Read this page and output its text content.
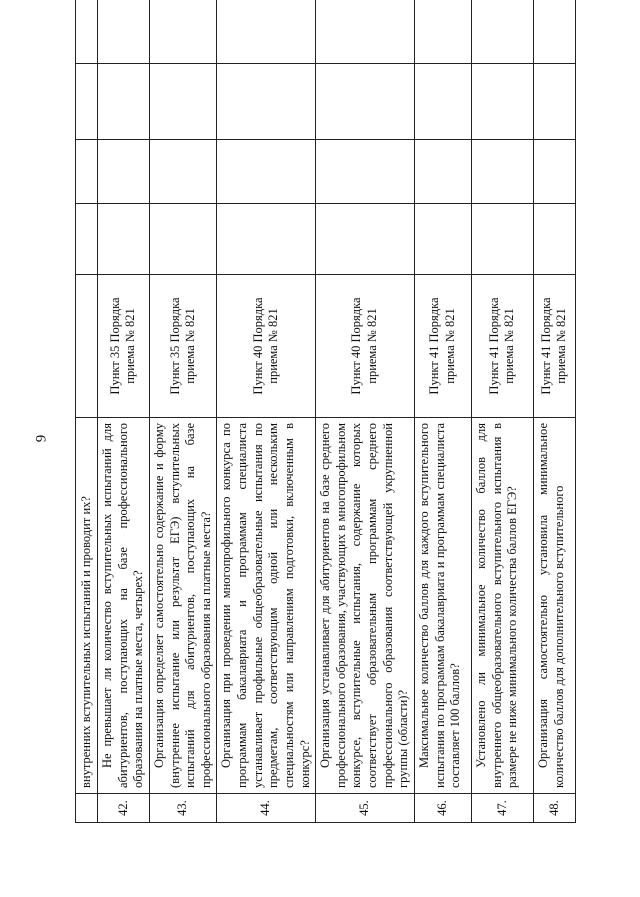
9
	внутренних вступительных испытаний и проводит их?					
42.	Не превышает ли количество вступительных испытаний для абитуриентов, поступающих на базе профессионального образования на платные места, четырех?	Пункт 35 Порядка приема № 821				
43.	Организация определяет самостоятельно содержание и форму (внутреннее испытание или результат ЕГЭ) вступительных испытаний для абитуриентов, поступающих на базе профессионального образования на платные места?	Пункт 35 Порядка приема № 821				
44.	Организация при проведении многопрофильного конкурса по программам бакалавриата и программам специалиста устанавливает профильные общеобразовательные испытания по предметам, соответствующим одной или нескольким специальностям или направлениям подготовки, включенным в конкурс?	Пункт 40 Порядка приема № 821				
45.	Организация устанавливает для абитуриентов на базе среднего профессионального образования, участвующих в многопрофильном конкурсе, вступительные испытания, содержание которых соответствует образовательным программам среднего профессионального образования соответствующей укрупненной группы (области)?	Пункт 40 Порядка приема № 821				
46.	Максимальное количество баллов для каждого вступительного испытания по программам бакалавриата и программам специалиста составляет 100 баллов?	Пункт 41 Порядка приема № 821				
47.	Установлено ли минимальное количество баллов для внутреннего общеобразовательного вступительного испытания в размере не ниже минимального количества баллов ЕГЭ?	Пункт 41 Порядка приема № 821				
48.	Организация самостоятельно установила минимальное количество баллов для дополнительного вступительного	Пункт 41 Порядка приема № 821				
